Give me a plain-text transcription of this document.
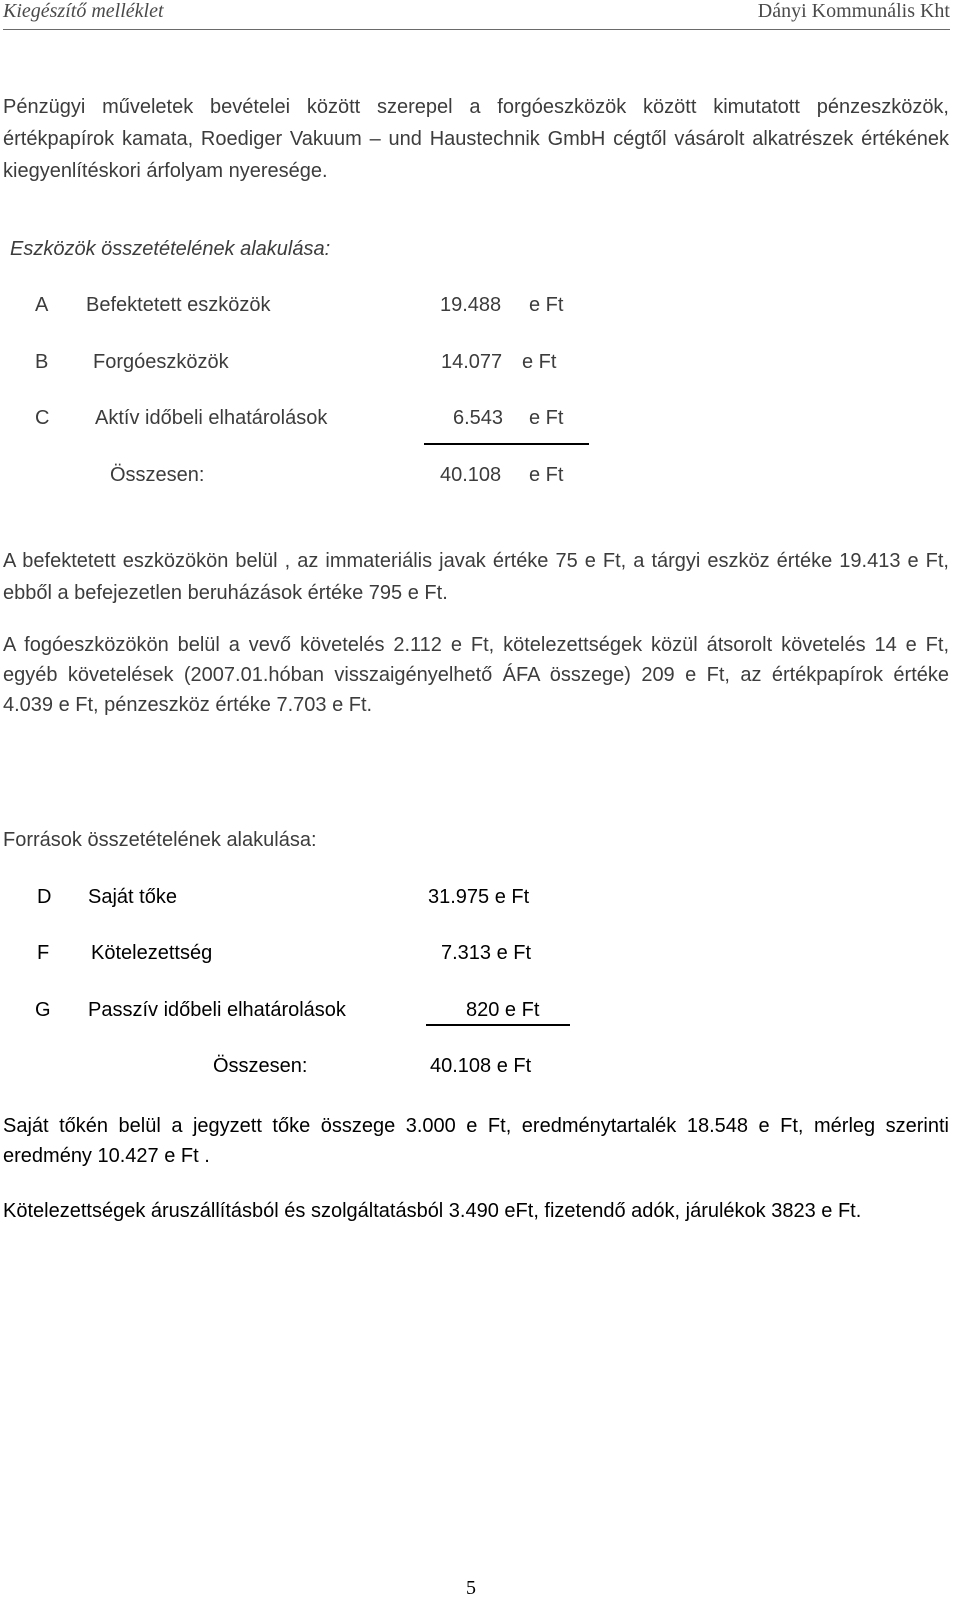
Kiegészítő melléklet	Dányi Kommunális Kht

Pénzügyi műveletek bevételei között szerepel a forgóeszközök között kimutatott pénzeszközök, értékpapírok kamata, Roediger Vakuum – und Haustechnik GmbH cégtől vásárolt alkatrészek értékének kiegyenlítéskori árfolyam nyeresége.

Eszközök összetételének alakulása:

A Befektetett eszközök	19.488 e Ft
B Forgóeszközök	14.077 e Ft
C Aktív időbeli elhatárolások	6.543 e Ft
Összesen:	40.108 e Ft

A befektetett eszközökön belül , az immateriális javak értéke 75 e Ft, a tárgyi eszköz értéke 19.413 e Ft, ebből a befejezetlen beruházások értéke 795 e Ft.

A fogóeszközökön belül a vevő követelés 2.112 e Ft, kötelezettségek közül átsorolt követelés 14 e Ft, egyéb követelések (2007.01.hóban visszaigényelhető ÁFA összege) 209 e Ft, az értékpapírok értéke 4.039 e Ft, pénzeszköz értéke 7.703 e Ft.

Források összetételének alakulása:

D Saját tőke	31.975 e Ft
F Kötelezettség	7.313 e Ft
G Passzív időbeli elhatárolások	820 e Ft
Összesen:	40.108 e Ft

Saját tőkén belül a jegyzett tőke összege 3.000 e Ft, eredménytartalék 18.548 e Ft, mérleg szerinti eredmény 10.427 e Ft .

Kötelezettségek áruszállításból és szolgáltatásból 3.490 eFt, fizetendő adók, járulékok 3823 e Ft.

5
